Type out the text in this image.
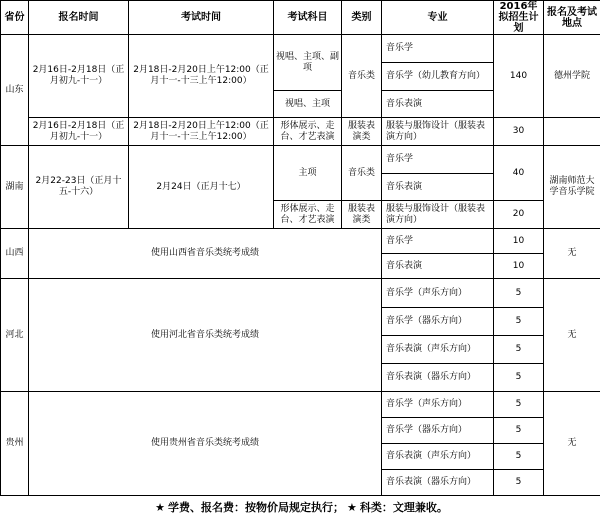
省份	报名时间	考试时间	考试科目	类别	专业	2016年拟招生计划	报名及考试地点
山东	2月16日-2月18日（正月初九-十一）	2月18日-2月20日上午12:00（正月十一-十三上午12:00）	视唱、主项、副项	音乐类	音乐学	140	德州学院
					音乐学（幼儿教育方向）		
			视唱、主项		音乐表演		
	2月16日-2月18日（正月初九-十一）	2月18日-2月20日上午12:00（正月十一-十三上午12:00）	形体展示、走台、才艺表演	服装表演类	服装与服饰设计（服装表演方向）	30	
湖南	2月22-23日（正月十五-十六）	2月24日（正月十七）	主项	音乐类	音乐学	40	湖南师范大学音乐学院
					音乐表演		
			形体展示、走台、才艺表演	服装表演类	服装与服饰设计（服装表演方向）	20	
山西	使用山西省音乐类统考成绩				音乐学	10	无
					音乐表演	10	
河北	使用河北省音乐类统考成绩				音乐学（声乐方向）	5	无
					音乐学（器乐方向）	5	
					音乐表演（声乐方向）	5	
					音乐表演（器乐方向）	5	
贵州	使用贵州省音乐类统考成绩				音乐学（声乐方向）	5	无
					音乐学（器乐方向）	5	
					音乐表演（声乐方向）	5	
					音乐表演（器乐方向）	5	
★ 学费、报名费：按物价局规定执行； ★ 科类：文理兼收。
